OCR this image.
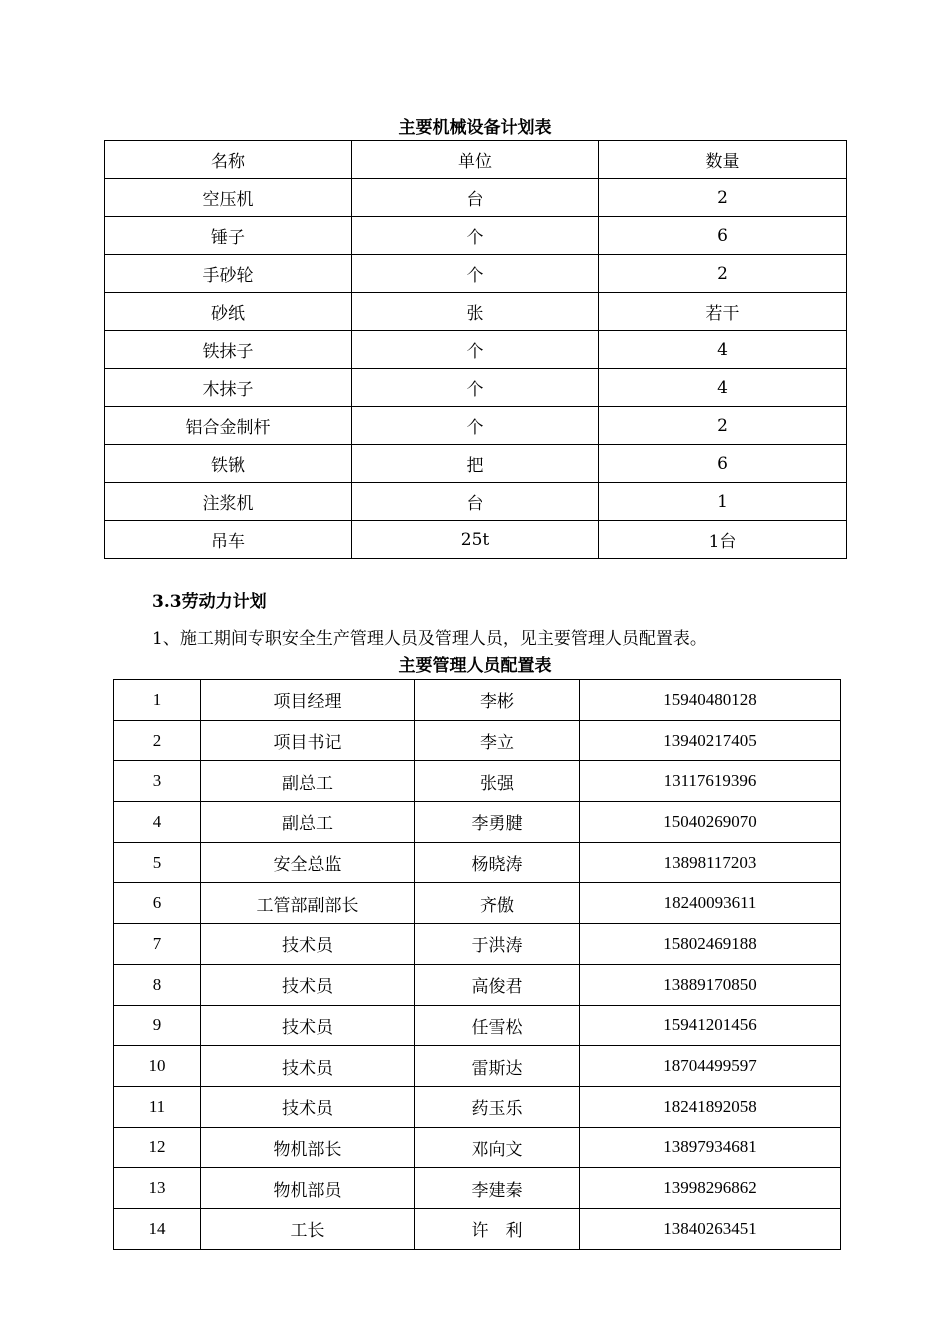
主要机械设备计划表
名称	单位	数量
空压机	台	2
锤子	个	6
手砂轮	个	2
砂纸	张	若干
铁抹子	个	4
木抹子	个	4
铝合金制杆	个	2
铁锹	把	6
注浆机	台	1
吊车	25t	1台
3.3劳动力计划
1、施工期间专职安全生产管理人员及管理人员，见主要管理人员配置表。
主要管理人员配置表
1	项目经理	李彬	15940480128
2	项目书记	李立	13940217405
3	副总工	张强	13117619396
4	副总工	李勇腱	15040269070
5	安全总监	杨晓涛	13898117203
6	工管部副部长	齐傲	18240093611
7	技术员	于洪涛	15802469188
8	技术员	高俊君	13889170850
9	技术员	任雪松	15941201456
10	技术员	雷斯达	18704499597
11	技术员	药玉乐	18241892058
12	物机部长	邓向文	13897934681
13	物机部员	李建秦	13998296862
14	工长	许　利	13840263451
